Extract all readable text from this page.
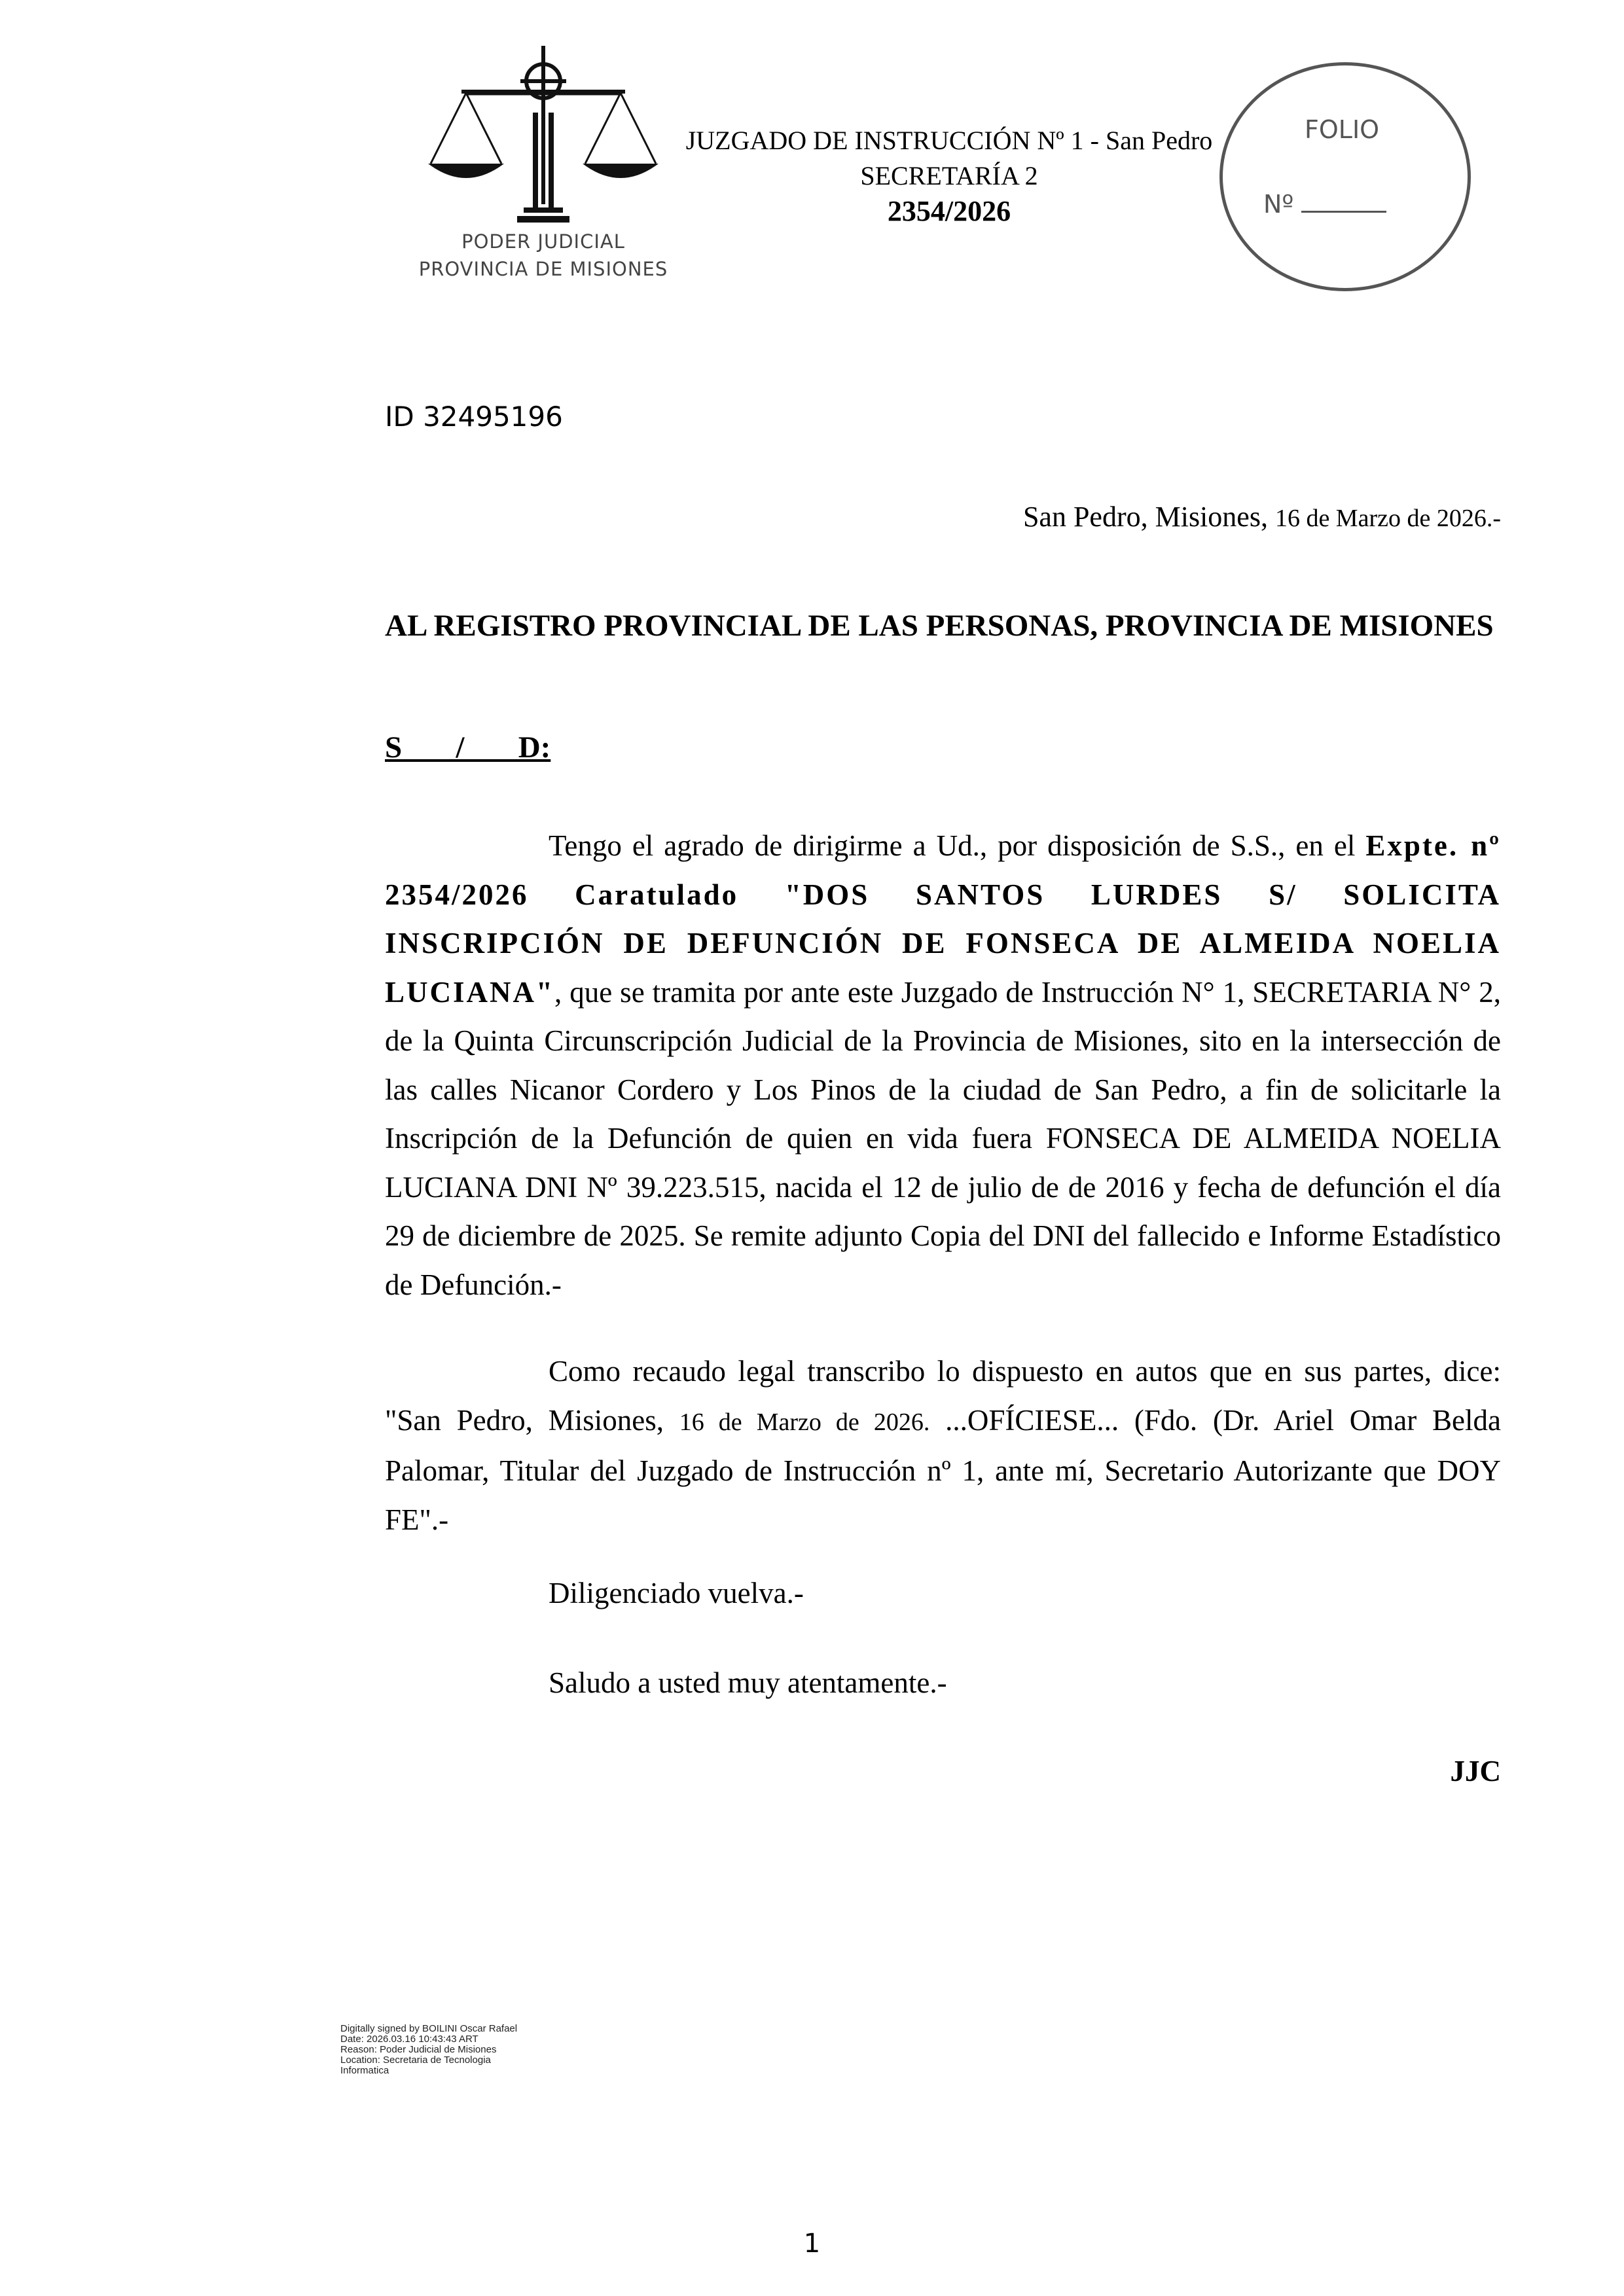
PODER JUDICIAL
PROVINCIA DE MISIONES
JUZGADO DE INSTRUCCIÓN Nº 1 - San Pedro
SECRETARÍA 2
2354/2026
FOLIO
Nº
ID 32495196
San Pedro, Misiones, 16 de Marzo de 2026.-
AL REGISTRO PROVINCIAL DE LAS PERSONAS, PROVINCIA DE MISIONES
S       /       D:

Tengo el agrado de dirigirme a Ud., por disposición de S.S., en el Expte. nº 2354/2026 Caratulado "DOS SANTOS LURDES S/ SOLICITA INSCRIPCIÓN DE DEFUNCIÓN DE FONSECA DE ALMEIDA NOELIA LUCIANA", que se tramita por ante este Juzgado de Instrucción N° 1, SECRETARIA N° 2, de la Quinta Circunscripción Judicial de la Provincia de Misiones, sito en la intersección de las calles Nicanor Cordero y Los Pinos de la ciudad de San Pedro, a fin de solicitarle la Inscripción de la Defunción de quien en vida fuera FONSECA DE ALMEIDA NOELIA LUCIANA DNI Nº 39.223.515, nacida el 12 de julio de de 2016 y fecha de defunción el día 29 de diciembre de 2025. Se remite adjunto Copia del DNI del fallecido e Informe Estadístico de Defunción.-

Como recaudo legal transcribo lo dispuesto en autos que en sus partes, dice: "San Pedro, Misiones, 16 de Marzo de 2026. ...OFÍCIESE... (Fdo. (Dr. Ariel Omar Belda Palomar, Titular del Juzgado de Instrucción nº 1, ante mí, Secretario Autorizante que DOY FE".-

Diligenciado vuelva.-
Saludo a usted muy atentamente.-
JJC
Digitally signed by BOILINI Oscar Rafael
Date: 2026.03.16 10:43:43 ART
Reason: Poder Judicial de Misiones
Location: Secretaria de Tecnologia
Informatica
1
